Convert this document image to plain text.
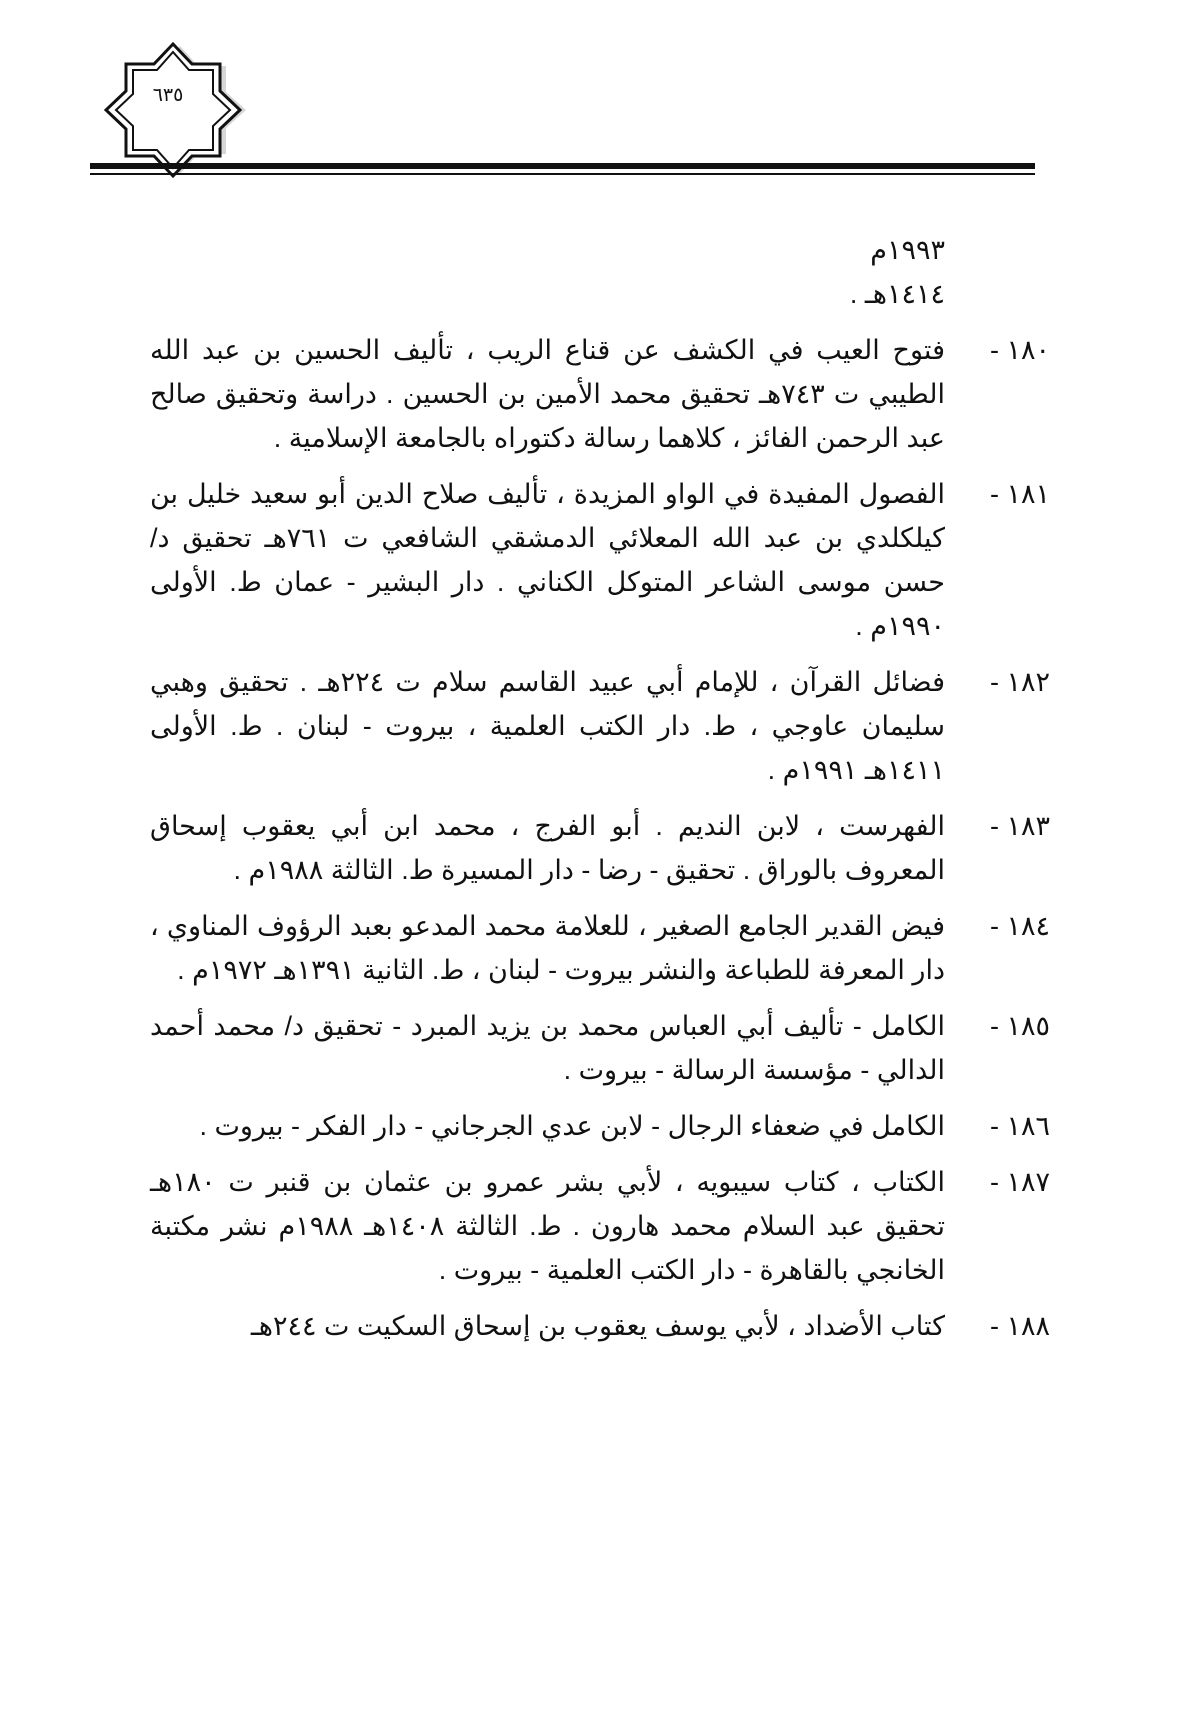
٦٣٥
١٩٩٣م
١٤١٤هـ .
١٨٠ -
فتوح العيب في الكشف عن قناع الريب ، تأليف الحسين بن عبد الله الطيبي ت ٧٤٣هـ تحقيق محمد الأمين بن الحسين . دراسة وتحقيق صالح عبد الرحمن الفائز ، كلاهما رسالة دكتوراه بالجامعة الإسلامية .
١٨١ -
الفصول المفيدة في الواو المزيدة ، تأليف صلاح الدين أبو سعيد خليل بن كيلكلدي بن عبد الله المعلائي الدمشقي الشافعي ت ٧٦١هـ تحقيق د/ حسن موسى الشاعر المتوكل الكناني . دار البشير - عمان ط. الأولى ١٩٩٠م .
١٨٢ -
فضائل القرآن ، للإمام أبي عبيد القاسم سلام ت ٢٢٤هـ . تحقيق وهبي سليمان عاوجي ، ط. دار الكتب العلمية ، بيروت - لبنان . ط. الأولى ١٤١١هـ ١٩٩١م .
١٨٣ -
الفهرست ، لابن النديم . أبو الفرج ، محمد ابن أبي يعقوب إسحاق المعروف بالوراق . تحقيق - رضا - دار المسيرة ط. الثالثة ١٩٨٨م .
١٨٤ -
فيض القدير الجامع الصغير ، للعلامة محمد المدعو بعبد الرؤوف المناوي ، دار المعرفة للطباعة والنشر بيروت - لبنان ، ط. الثانية ١٣٩١هـ ١٩٧٢م .
١٨٥ -
الكامل - تأليف أبي العباس محمد بن يزيد المبرد - تحقيق د/ محمد أحمد الدالي - مؤسسة الرسالة - بيروت .
١٨٦ -
الكامل في ضعفاء الرجال - لابن عدي الجرجاني - دار الفكر - بيروت .
١٨٧ -
الكتاب ، كتاب سيبويه ، لأبي بشر عمرو بن عثمان بن قنبر ت ١٨٠هـ تحقيق عبد السلام محمد هارون . ط. الثالثة ١٤٠٨هـ ١٩٨٨م نشر مكتبة الخانجي بالقاهرة - دار الكتب العلمية - بيروت .
١٨٨ -
كتاب الأضداد ، لأبي يوسف يعقوب بن إسحاق السكيت ت ٢٤٤هـ
